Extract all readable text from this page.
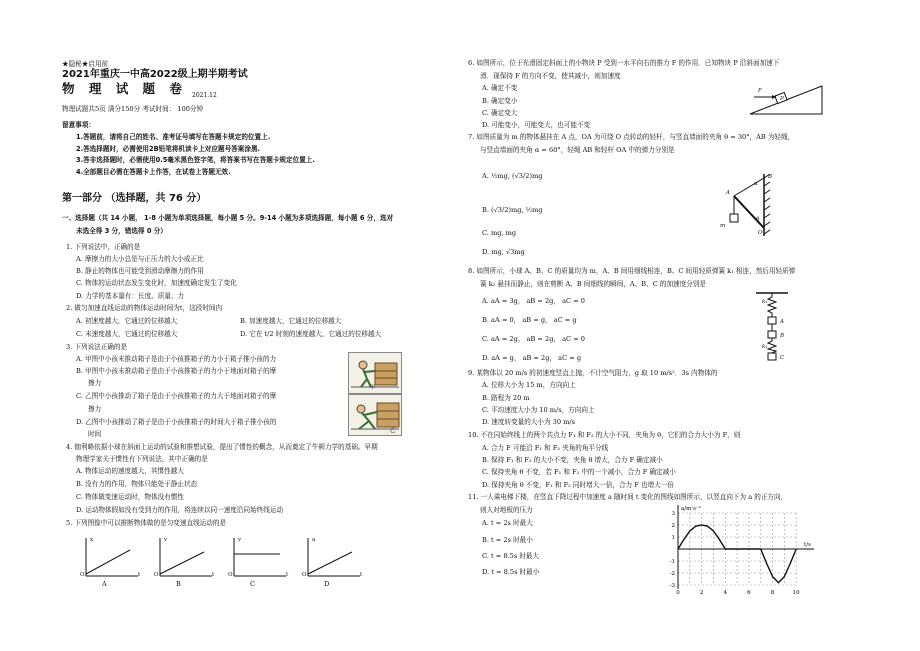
★隐秘★启用前
2021年重庆一中高2022级上期半期考试
物 理 试 题 卷 2021.12
物理试题共5页 满分150分 考试时间： 100分钟
留意事项：
1.答题前，请将自己的姓名、准考证号填写在答题卡规定的位置上.
2.答选择题时，必需使用2B铅笔将机读卡上对应题号答案涂黑.
3.答非选择题时，必需使用0.5毫米黑色签字笔，将答案书写在答题卡规定位置上.
4.全部题目必需在答题卡上作答，在试卷上答题无效.
第一部分 （选择题，共 76 分）
一、选择题（共 14 小题， 1-8 小题为单项选择题，每小题 5 分。9-14 小题为多项选择题，每小题 6 分，选对
未选全得 3 分，错选得 0 分）
1. 下列说法中，正确的是
A. 摩擦力的大小总是与正压力的大小成正比
B. 静止的物体也可能受到滑动摩擦力的作用
C. 物体的运动状态发生变化时，加速度确定发生了变化
D. 力学的基本量有：长度、质量、力
2. 做匀加速直线运动的物体运动时间为t，这段时间内
A. 初速度越大，它通过的位移越大	B. 加速度越大，它通过的位移越大
C. 末速度越大，它通过的位移越大	D. 它在 t/2 时刻的速度越大，它通过的位移越大
3. 下列说法正确的是
A. 甲图中小孩未推动箱子是由于小孩推箱子的力小于箱子推小孩的力
B. 甲图中小孩未推动箱子是由于小孩推箱子的力小于地面对箱子的摩
擦力
C. 乙图中小孩推动了箱子是由于小孩推箱子的力大于地面对箱子的摩
擦力
D. 乙图中小孩推动了箱子是由于小孩推箱子的时间大于箱子推小孩的
时间
甲
乙
4. 伽利略依据小球在斜面上运动的试验和推想试验，提出了惯性的概念，从而奠定了牛顿力学的基础。早期
物理学家关于惯性有下列说法，其中正确的是
A. 物体运动的速度越大，其惯性越大
B. 没有力的作用，物体只能处于静止状态
C. 物体做变速运动时，物体没有惯性
D. 运动物体假如没有受到力的作用，将连续以同一速度沿同始终线运动
5. 下列图像中可以推断物体做的是匀变速直线运动的是
x
t
O
A
v
t
O
B
v
t
O
C
a
t
O
D
6. 如图所示，位于光滑固定斜面上的小物块 P 受到一水平向右的推力 F 的作用．已知物块 P 沿斜面加速下
滑．现保持 F 的方向不变，使其减小，则加速度
A. 确定不变
B. 确定变小
C. 确定变大
D. 可能变小，可能变大，也可能不变
F
P
7. 如图质量为 m 的物体悬挂在 A 点，OA 为可绕 O 点转动的轻杆，与竖直墙面的夹角 θ = 30°，AB 为轻绳，
与竖直墙面的夹角 α = 60°，轻绳 AB 和轻杆 OA 中的弹力分别是
A. ½mg, (√3/2)mg
B. (√3/2)mg, ½mg
C. mg, mg
D. mg, √3mg
A
B
α
θ
m
O
8. 如图所示，小球 A、B、C 的质量均为 m，A、B 间用细线相连，B、C 间用轻质弹簧 k₁ 相连，然后用轻质弹
簧 k₂ 悬挂而静止，则在剪断 A、B 间细线的瞬间，A、B、C 的加速度分别是
A. aA = 3g， aB = 2g， aC = 0
B. aA = 0， aB = g， aC = g
C. aA = 2g， aB = 2g， aC = 0
D. aA = g， aB = 2g， aC = g
k₁
A
B
k₂
C
9. 某物体以 20 m/s 的初速度竖直上抛，不计空气阻力，g 取 10 m/s²．3s 内物体的
A. 位移大小为 15 m，方向向上
B. 路程为 20 m
C. 平均速度大小为 10 m/s，方向向上
D. 速度转变量的大小为 30 m/s
10. 不在同始终线上的两个共点力 F₁ 和 F₂ 的大小不同，夹角为 θ，它们的合力大小为 F，则
A. 合力 F 可能沿 F₁ 和 F₂ 夹角的角平分线
B. 保持 F₁ 和 F₂ 的大小不变，夹角 θ 增大，合力 F 确定减小
C. 保持夹角 θ 不变，若 F₁ 和 F₂ 中的一个减小，合力 F 确定减小
D. 保持夹角 θ 不变，F₁ 和 F₂ 同时增大一倍，合力 F 也增大一倍
11. 一人乘电梯下楼，在竖直下降过程中加速度 a 随时间 t 变化的图线如图所示，以竖直向下为 a 的正方向，
则人对地板的压力
A. t = 2s 时最大
B. t = 2s 时最小
C. t = 8.5s 时最大
D. t = 8.5s 时最小
3
2
1
-1
-2
-3
0	2	4	6	8	10
a/m·s⁻²
t/s
